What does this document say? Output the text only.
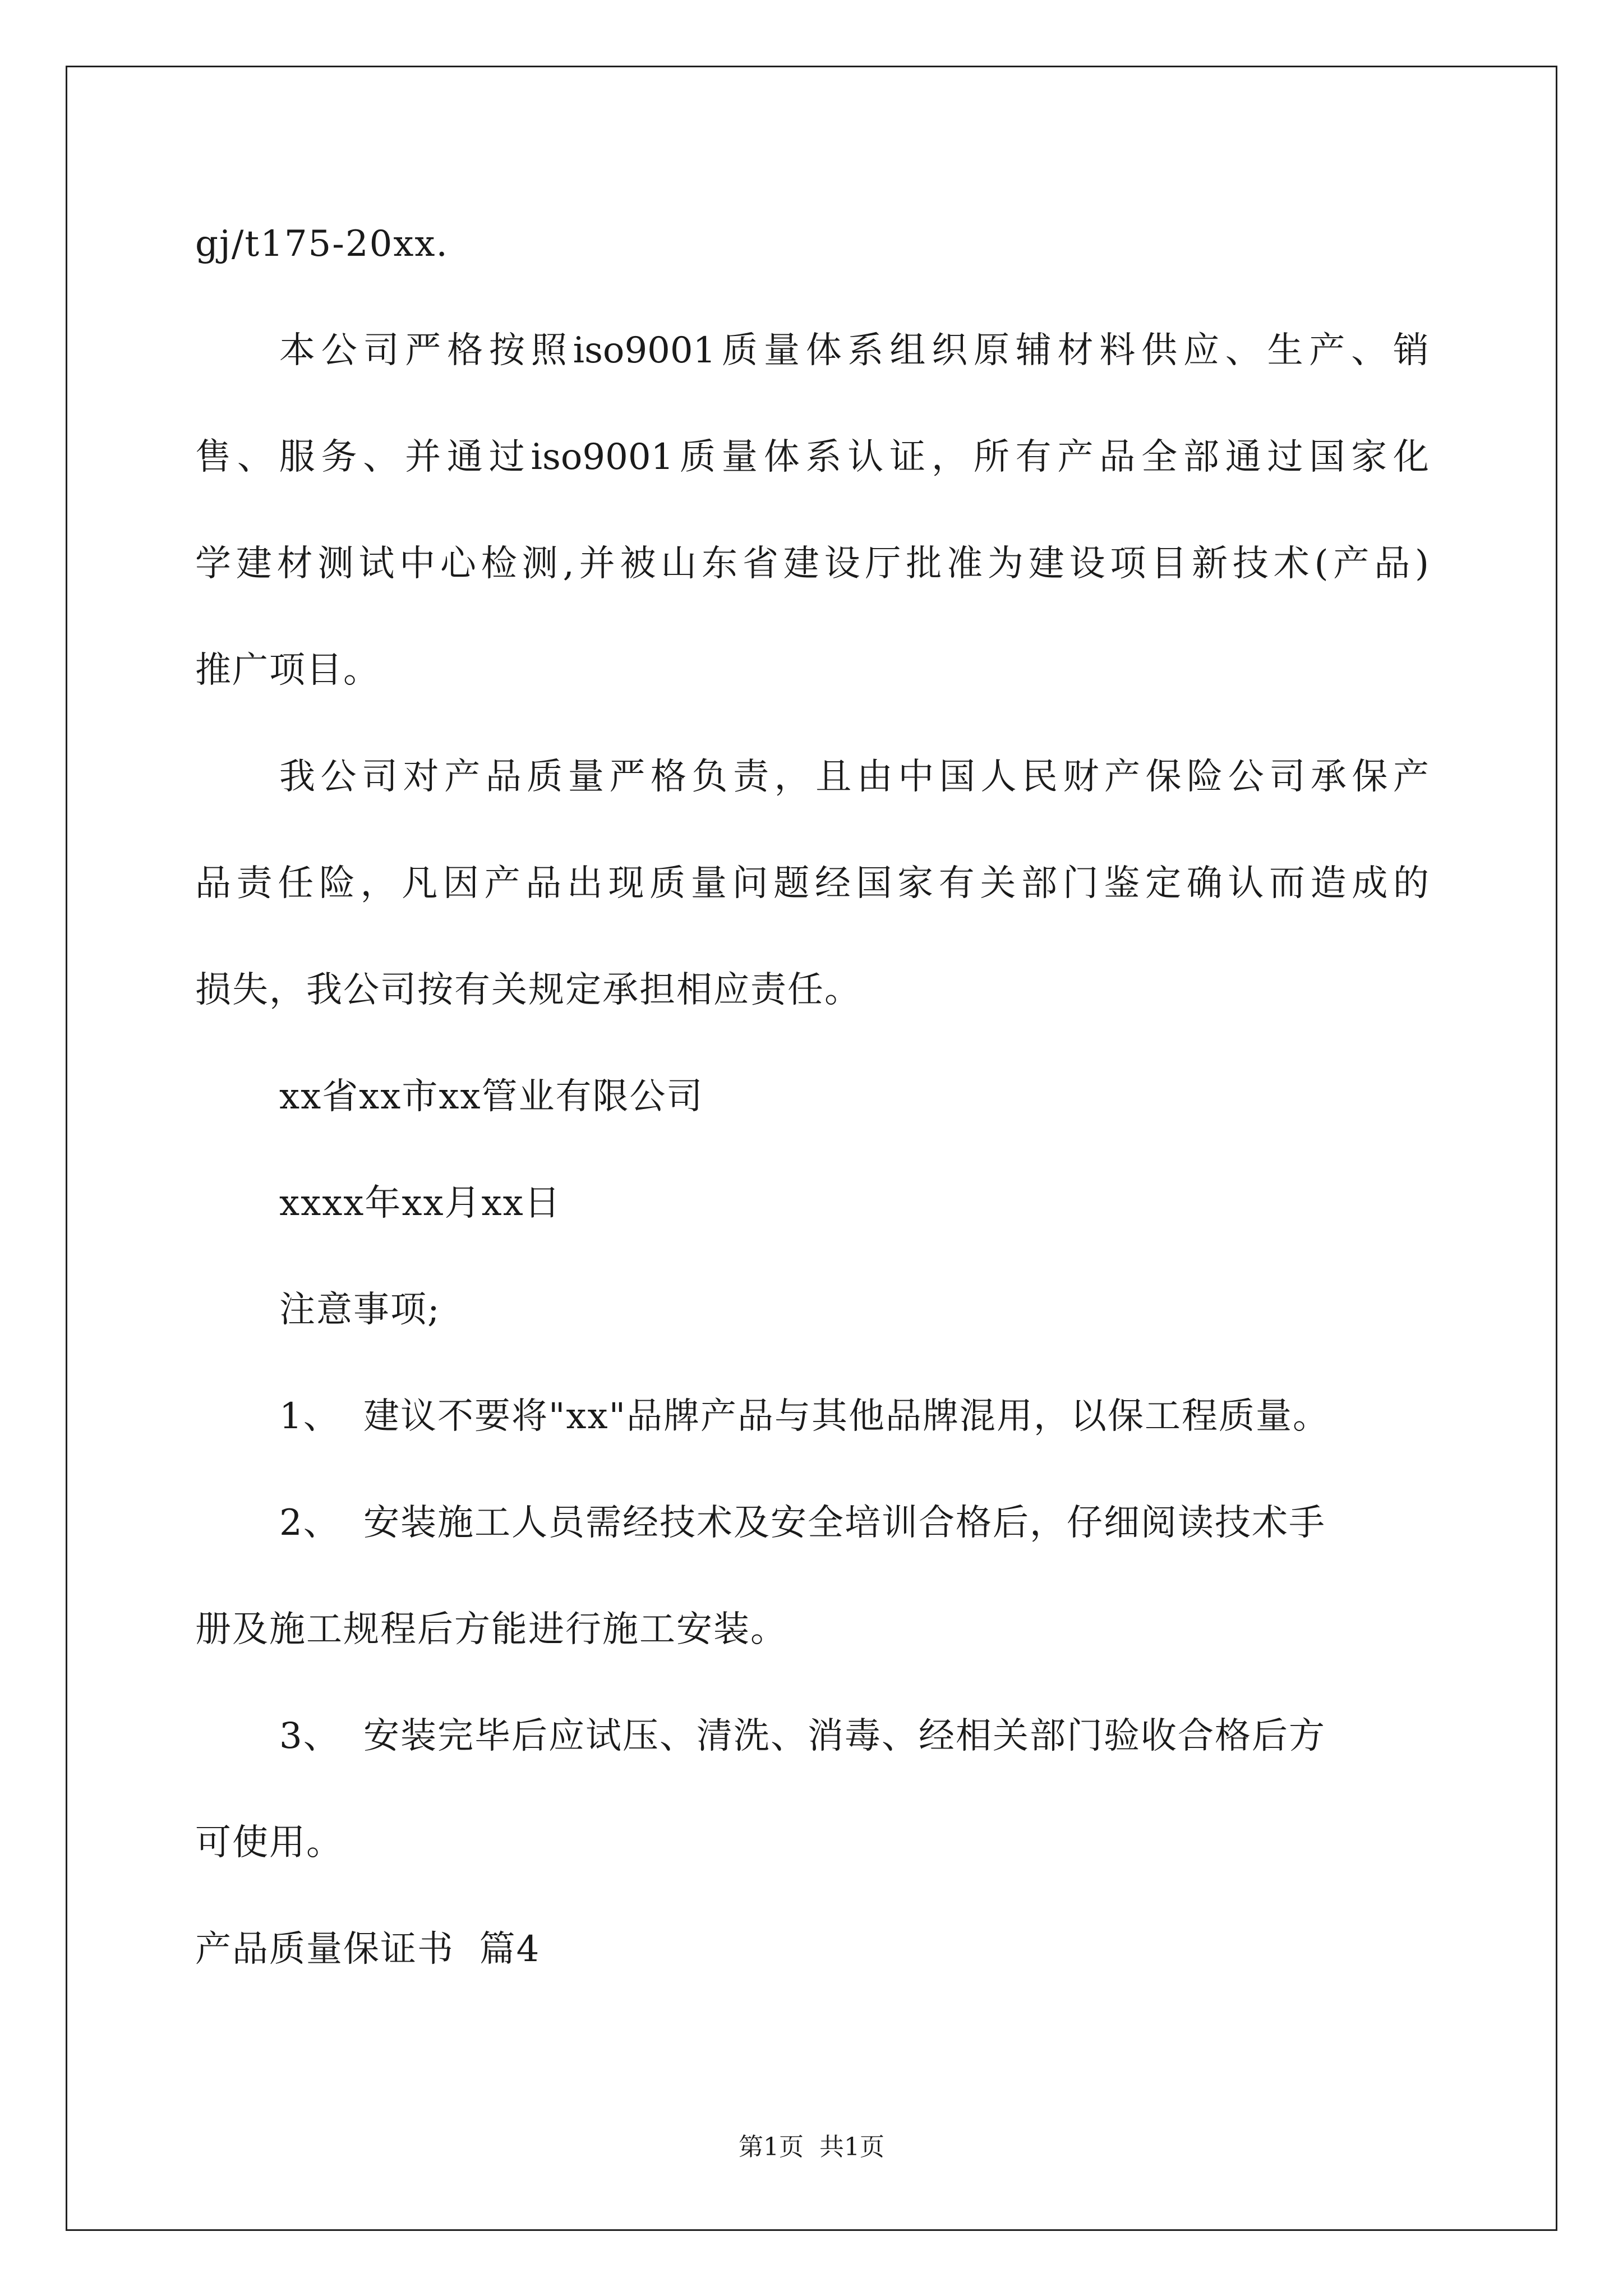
gj/t175-20xx.

本公司严格按照iso9001质量体系组织原辅材料供应、生产、销

售、服务、并通过iso9001质量体系认证，所有产品全部通过国家化

学建材测试中心检测,并被山东省建设厅批准为建设项目新技术(产品)

推广项目。

我公司对产品质量严格负责，且由中国人民财产保险公司承保产

品责任险，凡因产品出现质量问题经国家有关部门鉴定确认而造成的

损失，我公司按有关规定承担相应责任。

xx省xx市xx管业有限公司

xxxx年xx月xx日

注意事项;

1、 建议不要将"xx"品牌产品与其他品牌混用，以保工程质量。

2、 安装施工人员需经技术及安全培训合格后，仔细阅读技术手

册及施工规程后方能进行施工安装。

3、 安装完毕后应试压、清洗、消毒、经相关部门验收合格后方

可使用。

产品质量保证书  篇4

第1页 共1页
